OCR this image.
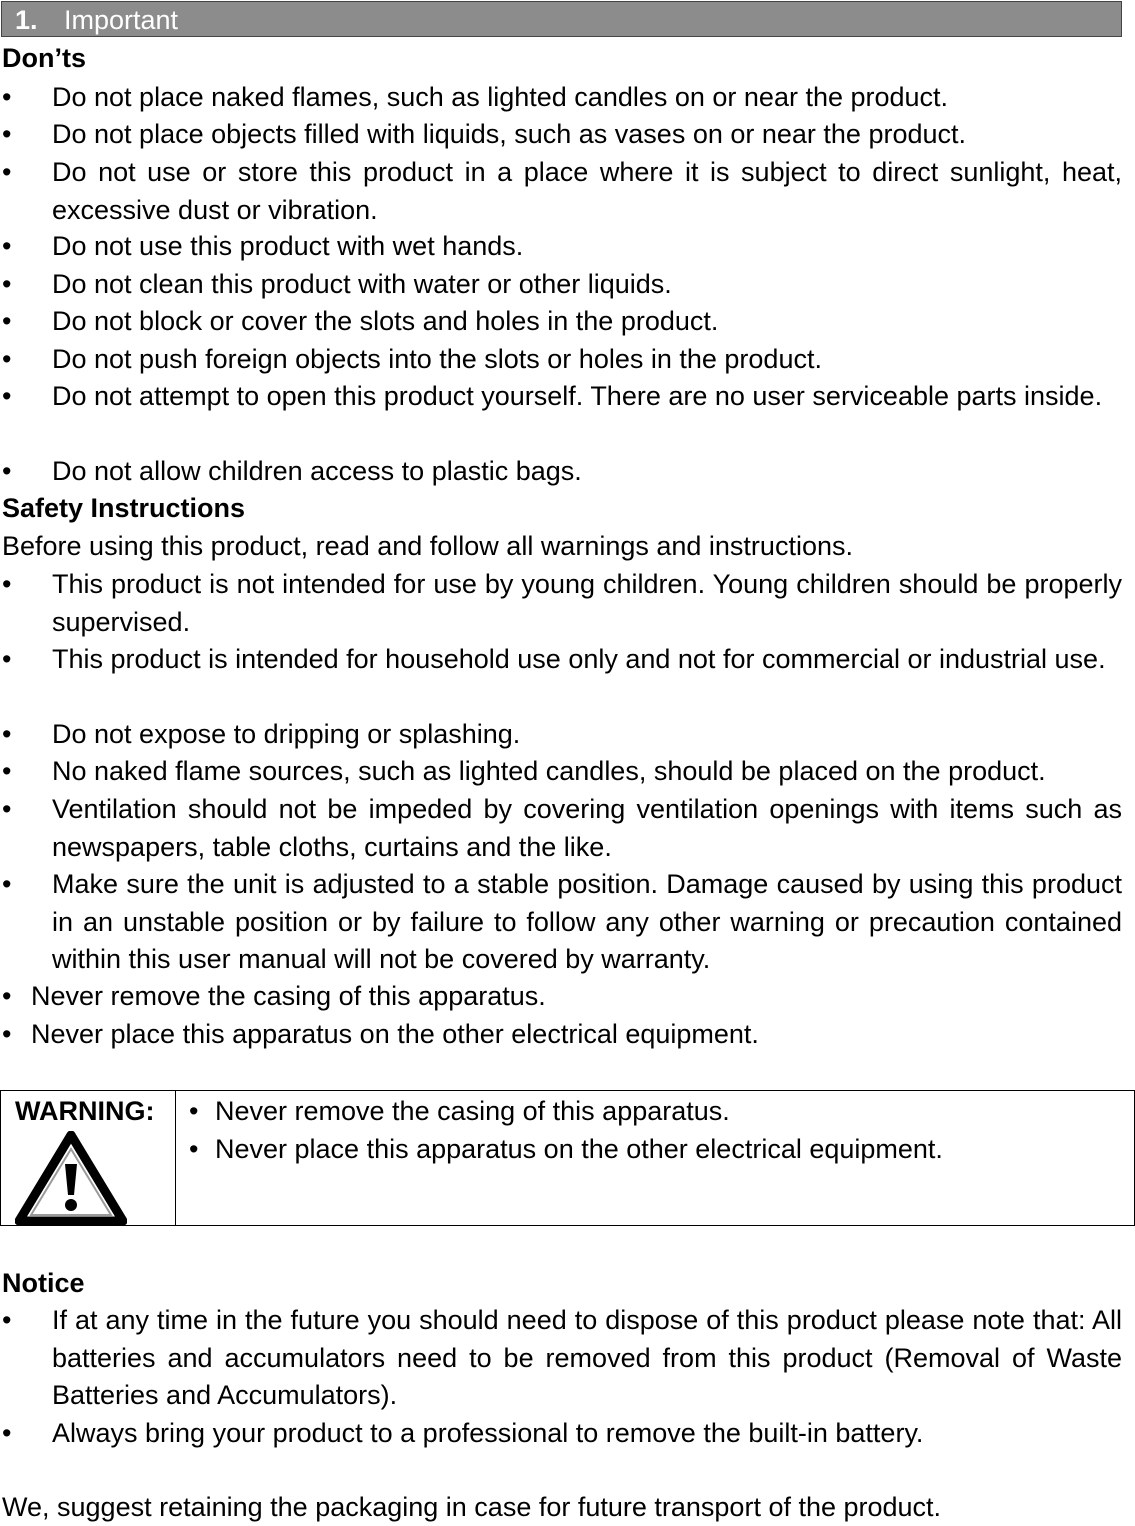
1. Important
Don’ts
• Do not place naked flames, such as lighted candles on or near the product.
• Do not place objects filled with liquids, such as vases on or near the product.
• Do not use or store this product in a place where it is subject to direct sunlight, heat, excessive dust or vibration.
• Do not use this product with wet hands.
• Do not clean this product with water or other liquids.
• Do not block or cover the slots and holes in the product.
• Do not push foreign objects into the slots or holes in the product.
• Do not attempt to open this product yourself. There are no user serviceable parts inside.
• Do not allow children access to plastic bags.
Safety Instructions
Before using this product, read and follow all warnings and instructions.
• This product is not intended for use by young children. Young children should be properly supervised.
• This product is intended for household use only and not for commercial or industrial use.
• Do not expose to dripping or splashing.
• No naked flame sources, such as lighted candles, should be placed on the product.
• Ventilation should not be impeded by covering ventilation openings with items such as newspapers, table cloths, curtains and the like.
• Make sure the unit is adjusted to a stable position. Damage caused by using this product in an unstable position or by failure to follow any other warning or precaution contained within this user manual will not be covered by warranty.
• Never remove the casing of this apparatus.
• Never place this apparatus on the other electrical equipment.
WARNING: • Never remove the casing of this apparatus.
• Never place this apparatus on the other electrical equipment.
Notice
• If at any time in the future you should need to dispose of this product please note that: All batteries and accumulators need to be removed from this product (Removal of Waste Batteries and Accumulators).
• Always bring your product to a professional to remove the built-in battery.
We, suggest retaining the packaging in case for future transport of the product.
